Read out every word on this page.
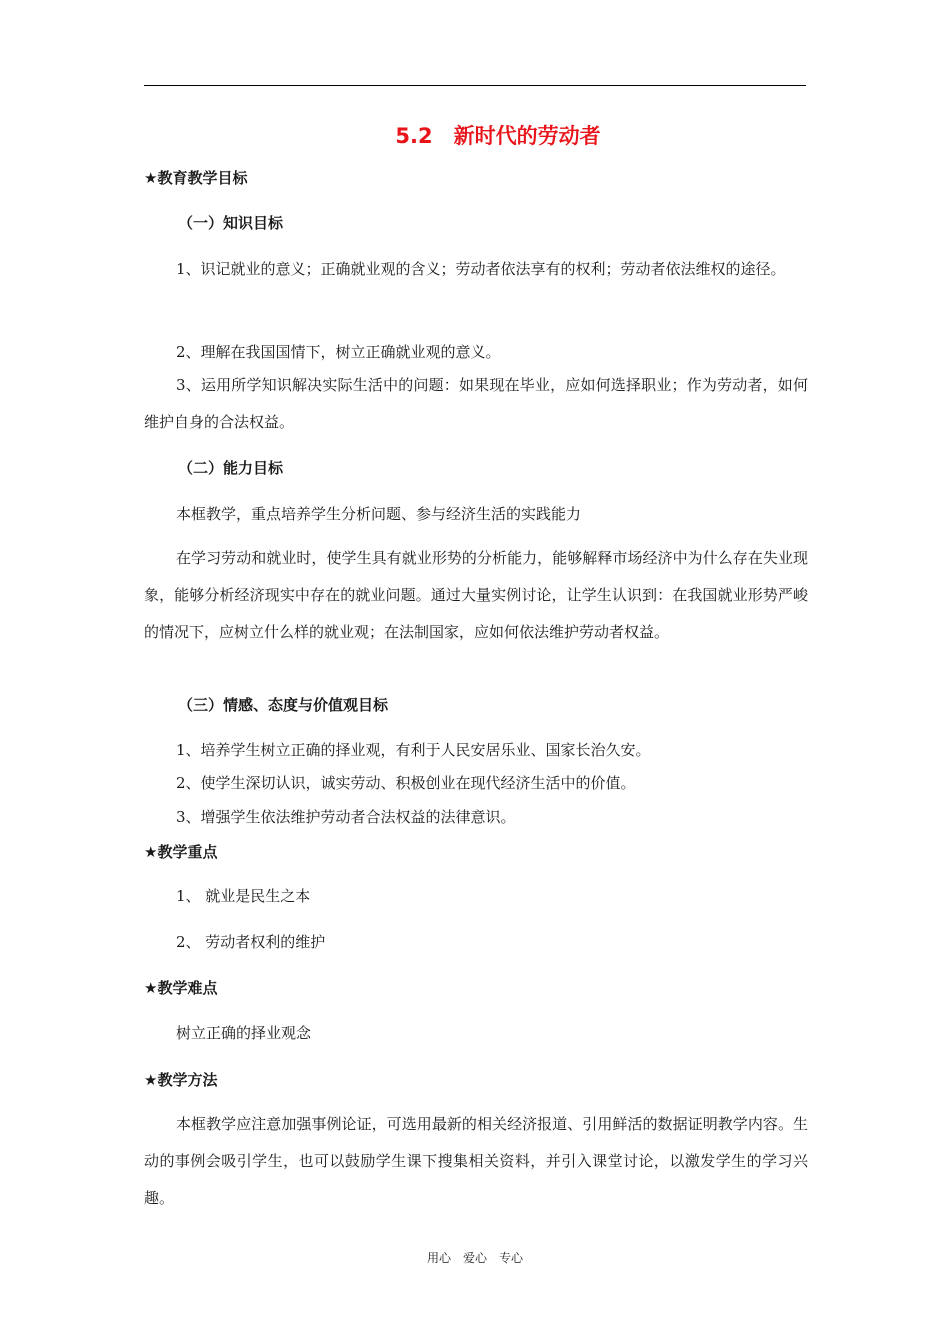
5.2　新时代的劳动者
★教育教学目标
（一）知识目标
1、识记就业的意义；正确就业观的含义；劳动者依法享有的权利；劳动者依法维权的途径。
2、理解在我国国情下，树立正确就业观的意义。
3、运用所学知识解决实际生活中的问题：如果现在毕业，应如何选择职业；作为劳动者，如何维护自身的合法权益。
（二）能力目标
本框教学，重点培养学生分析问题、参与经济生活的实践能力
在学习劳动和就业时，使学生具有就业形势的分析能力，能够解释市场经济中为什么存在失业现象，能够分析经济现实中存在的就业问题。通过大量实例讨论，让学生认识到：在我国就业形势严峻的情况下，应树立什么样的就业观；在法制国家，应如何依法维护劳动者权益。
（三）情感、态度与价值观目标
1、培养学生树立正确的择业观，有利于人民安居乐业、国家长治久安。
2、使学生深切认识，诚实劳动、积极创业在现代经济生活中的价值。
3、增强学生依法维护劳动者合法权益的法律意识。
★教学重点
1、 就业是民生之本
2、 劳动者权利的维护
★教学难点
树立正确的择业观念
★教学方法
本框教学应注意加强事例论证，可选用最新的相关经济报道、引用鲜活的数据证明教学内容。生动的事例会吸引学生，也可以鼓励学生课下搜集相关资料，并引入课堂讨论，以激发学生的学习兴趣。
用心　爱心　专心
